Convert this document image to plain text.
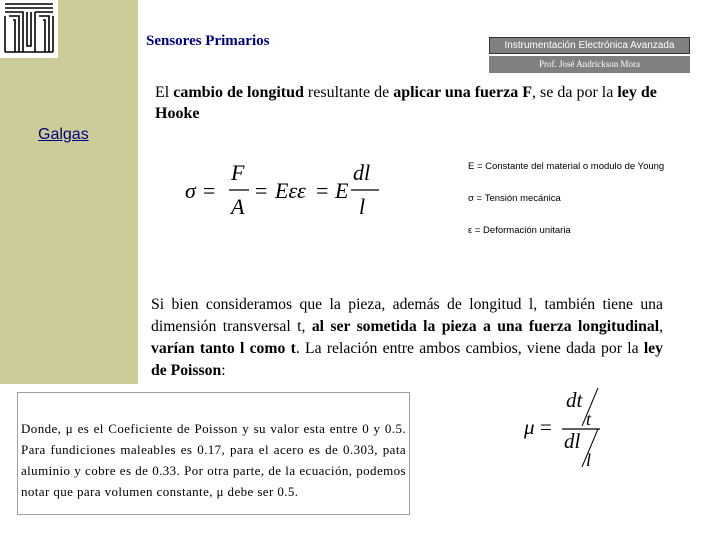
Sensores Primarios	Instrumentación Electrónica Avanzada
Prof. José Andrickson Mora
El cambio de longitud resultante de aplicar una fuerza F, se da por la ley de Hooke
Galgas
σ =
F
A
= Eεε = E
dl
l
E = Constante del material o modulo de Young
σ = Tensión mecánica
ε = Deformación unitaria
Si bien consideramos que la pieza, además de longitud l, también tiene una dimensión transversal t, al ser sometida la pieza a una fuerza longitudinal, varían tanto l como t. La relación entre ambos cambios, viene dada por la ley de Poisson:
Donde, μ es el Coeficiente de Poisson y su valor esta entre 0 y 0.5. Para fundiciones maleables es 0.17, para el acero es de 0.303, pata aluminio y cobre es de 0.33. Por otra parte, de la ecuación, podemos notar que para volumen constante, μ debe ser 0.5.
μ =
dt
t
dl
l
